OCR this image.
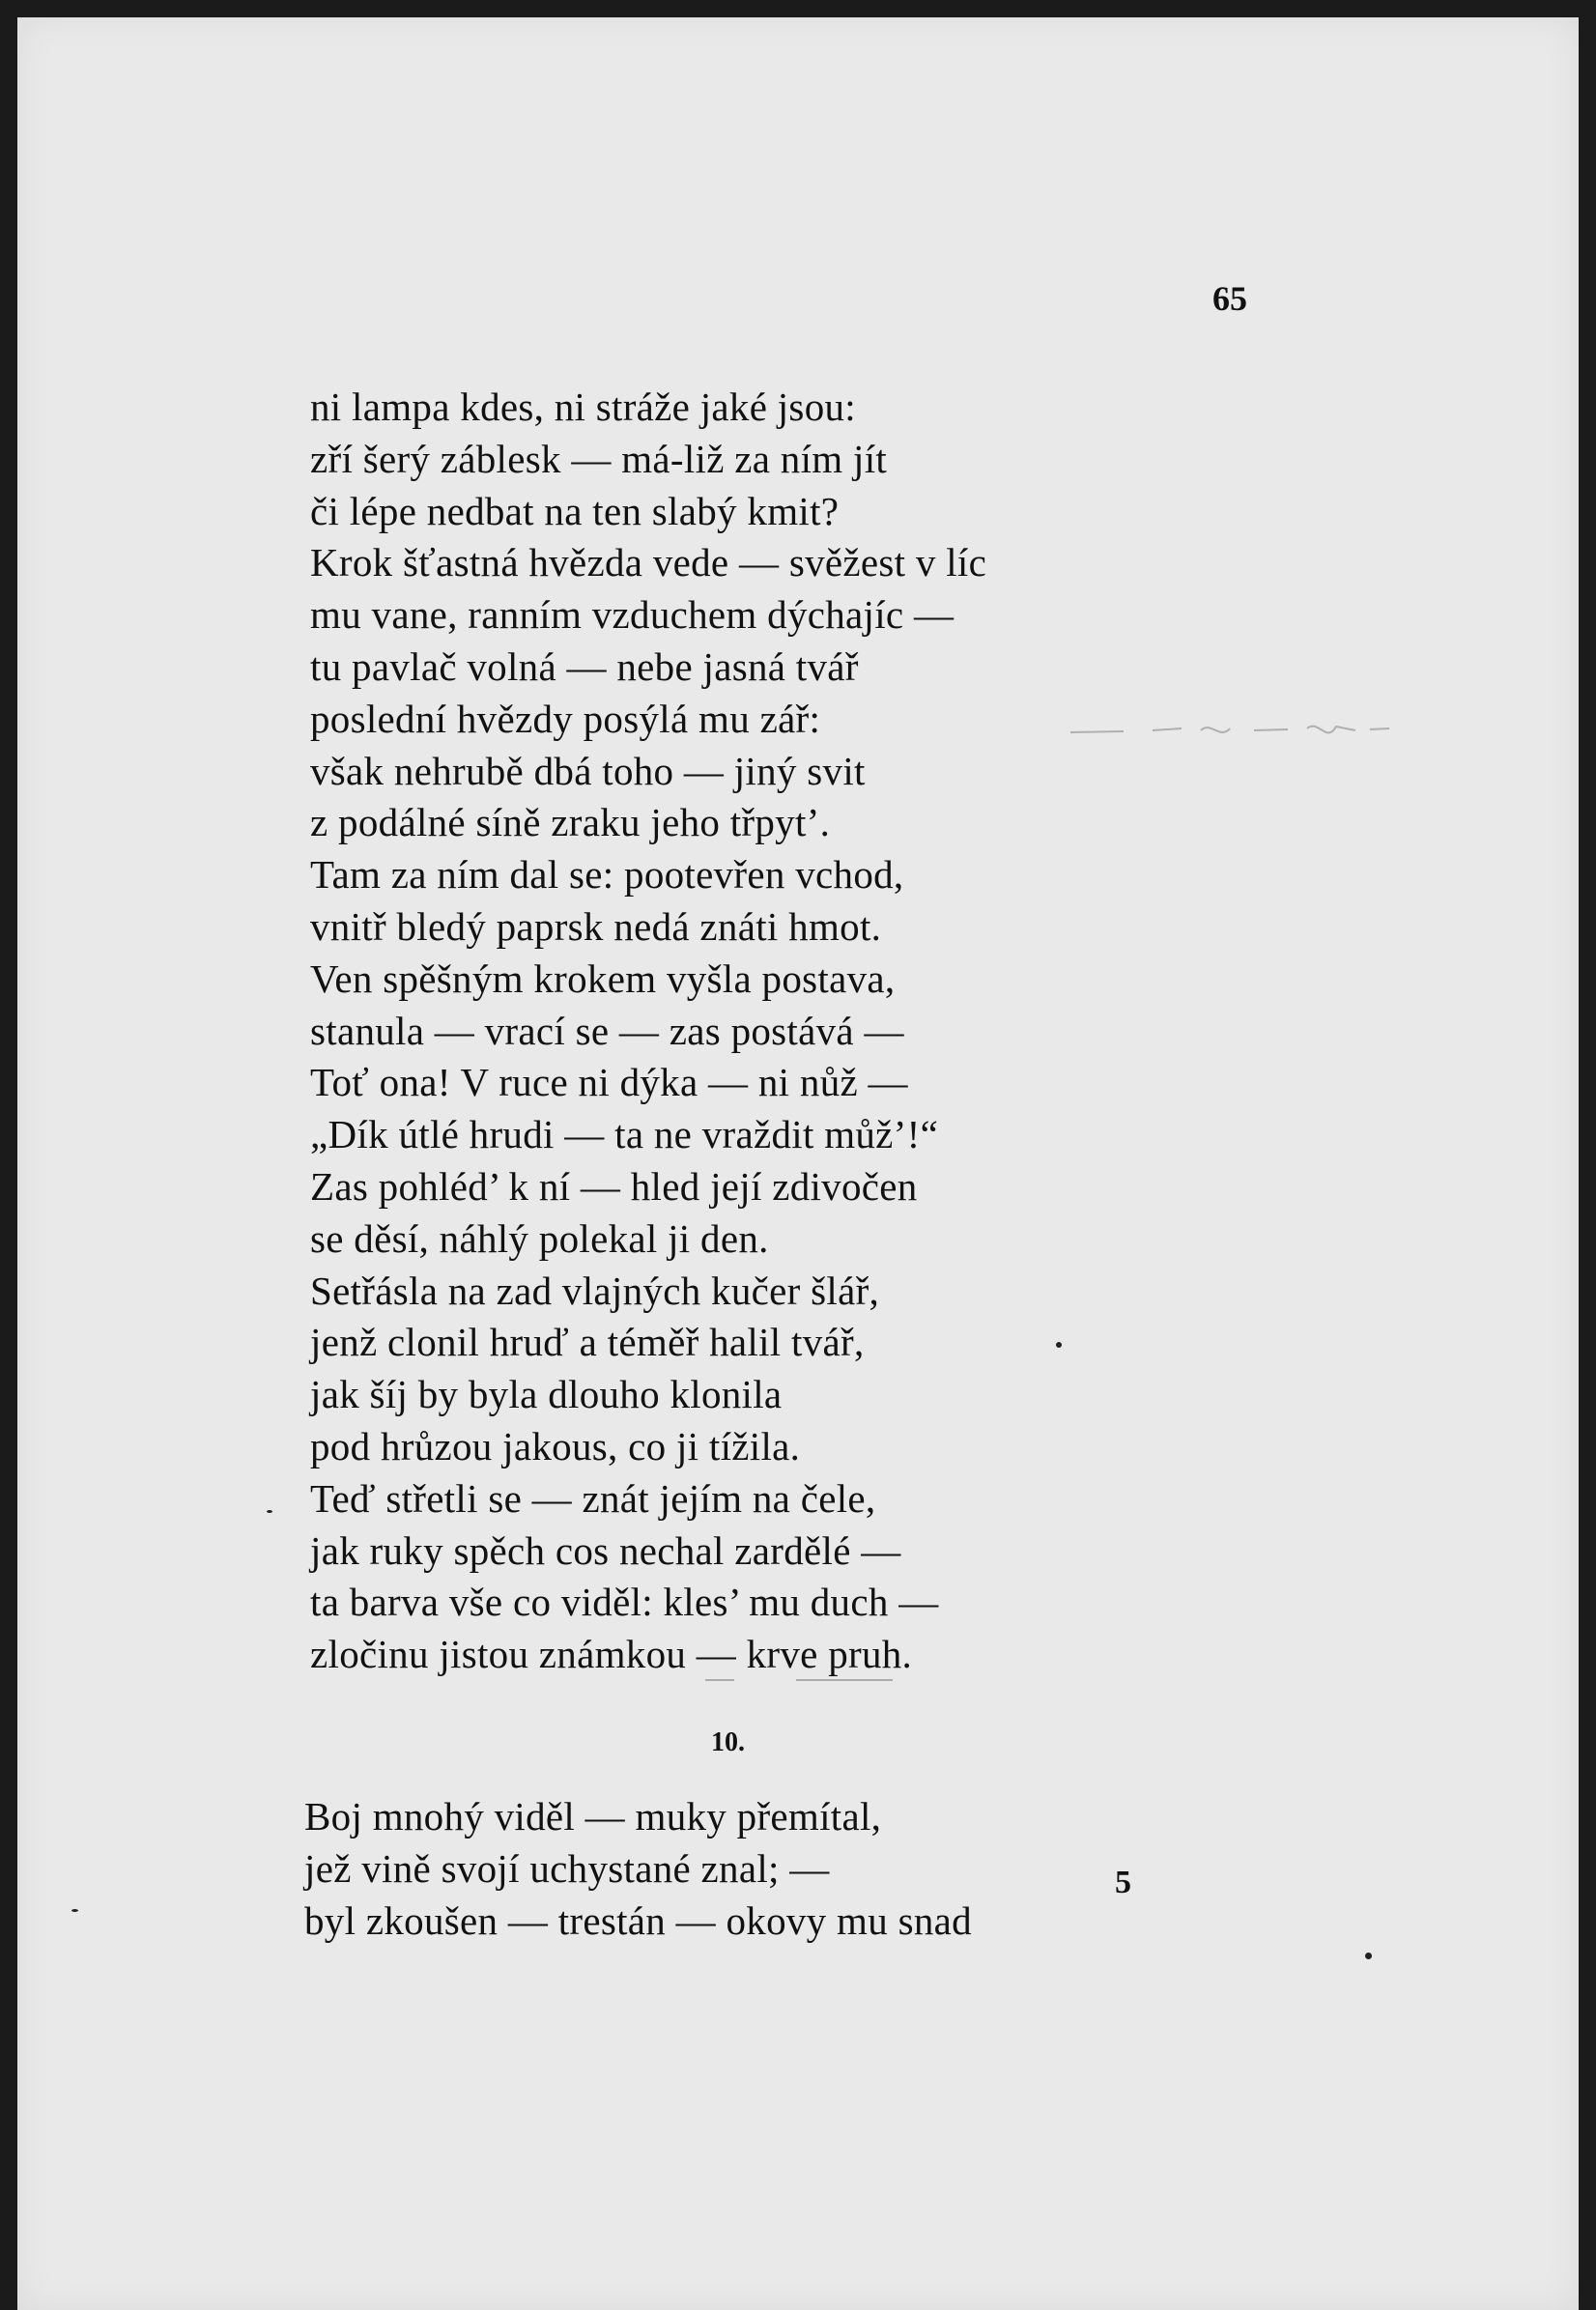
65
ni lampa kdes, ni stráže jaké jsou:
zří šerý záblesk — má-liž za ním jít
či lépe nedbat na ten slabý kmit?
Krok šťastná hvězda vede — svěžest v líc
mu vane, ranním vzduchem dýchajíc —
tu pavlač volná — nebe jasná tvář
poslední hvězdy posýlá mu zář:
však nehrubě dbá toho — jiný svit
z podálné síně zraku jeho třpyt’.
Tam za ním dal se: pootevřen vchod,
vnitř bledý paprsk nedá znáti hmot.
Ven spěšným krokem vyšla postava,
stanula — vrací se — zas postává —
Toť ona! V ruce ni dýka — ni nůž —
„Dík útlé hrudi — ta ne vraždit můž’!“
Zas pohléd’ k ní — hled její zdivočen
se děsí, náhlý polekal ji den.
Setřásla na zad vlajných kučer šlář,
jenž clonil hruď a téměř halil tvář,
jak šíj by byla dlouho klonila
pod hrůzou jakous, co ji tížila.
Teď střetli se — znát jejím na čele,
jak ruky spěch cos nechal zardělé —
ta barva vše co viděl: kles’ mu duch —
zločinu jistou známkou — krve pruh.
10.
Boj mnohý viděl — muky přemítal,
jež vině svojí uchystané znal; —
byl zkoušen — trestán — okovy mu snad
5
